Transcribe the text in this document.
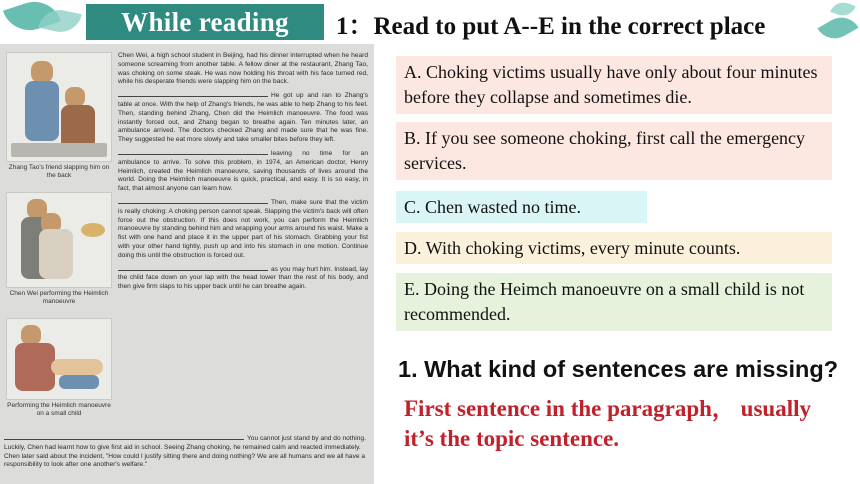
While reading	1：Read to put A--E in the correct place
Zhang Tao's friend slapping him on the back
Chen Wei performing the Heimlich manoeuvre
Performing the Heimlich manoeuvre on a small child

Chen Wei, a high school student in Beijing, had his dinner interrupted when he heard someone screaming from another table. A fellow diner at the restaurant, Zhang Tao, was choking on some steak. He was now holding his throat with his face turned red, while his desperate friends were slapping him on the back.

He got up and ran to Zhang's table at once. With the help of Zhang's friends, he was able to help Zhang to his feet. Then, standing behind Zhang, Chen did the Heimlich manoeuvre. The food was instantly forced out, and Zhang began to breathe again. Ten minutes later, an ambulance arrived. The doctors checked Zhang and made sure that he was fine. They suggested he eat more slowly and take smaller bites before they left.

leaving no time for an ambulance to arrive. To solve this problem, in 1974, an American doctor, Henry Heimlich, created the Heimlich manoeuvre, saving thousands of lives around the world. Doing the Heimlich manoeuvre is quick, practical, and easy. It is so easy, in fact, that almost anyone can learn how.

Then, make sure that the victim is really choking: A choking person cannot speak. Slapping the victim's back will often force out the obstruction. If this does not work, you can perform the Heimlich manoeuvre by standing behind him and wrapping your arms around his waist. Make a fist with one hand and place it in the upper part of his stomach. Grabbing your fist with your other hand tightly, push up and into his stomach in one motion. Continue doing this until the obstruction is forced out.

as you may hurt him. Instead, lay the child face down on your lap with the head lower than the rest of his body, and then give firm slaps to his upper back until he can breathe again.

You cannot just stand by and do nothing. Luckily, Chen had learnt how to give first aid in school. Seeing Zhang choking, he remained calm and reacted immediately. Chen later said about the incident, "How could I justify sitting there and doing nothing? We are all humans and we all have a responsibility to look after one another's welfare."
A. Choking victims usually have only about four minutes before they collapse and sometimes die.
B. If you see someone choking, first call the emergency services.
C. Chen wasted no time.
D. With choking victims, every minute counts.
E. Doing the Heimch manoeuvre on a small child is not recommended.
1. What kind of sentences are missing?
First sentence in the paragraph， usually it’s the topic sentence.
